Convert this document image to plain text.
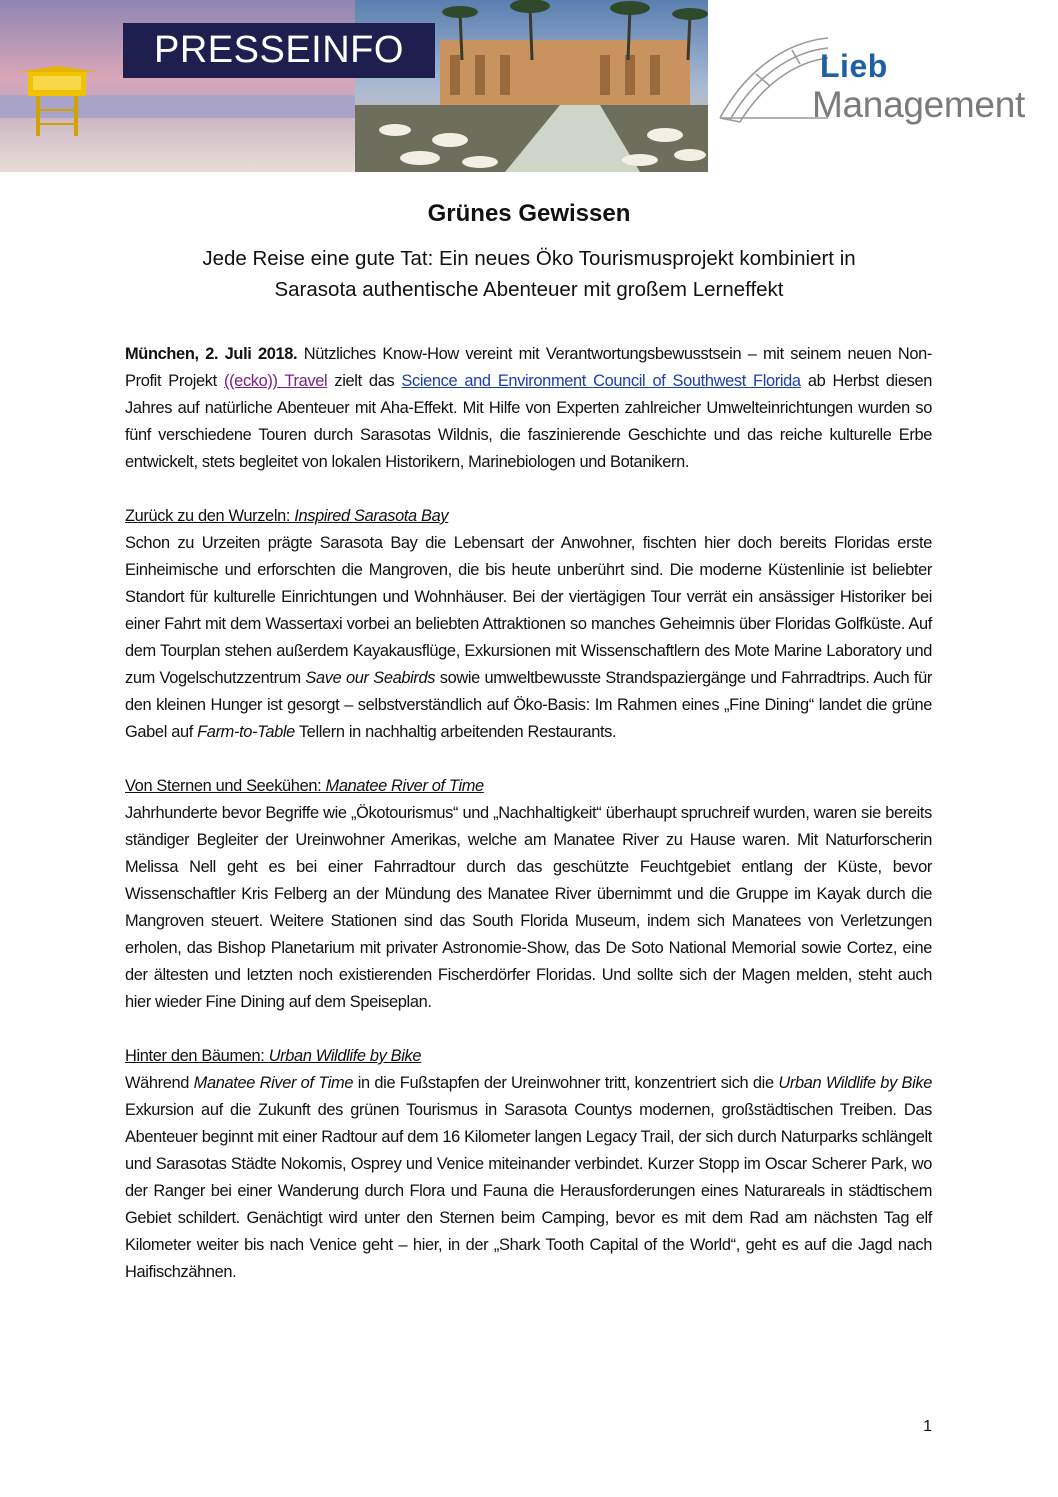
PRESSEINFO	Lieb
Management
Grünes Gewissen
Jede Reise eine gute Tat: Ein neues Öko Tourismusprojekt kombiniert in
Sarasota authentische Abenteuer mit großem Lerneffekt

München, 2. Juli 2018. Nützliches Know-How vereint mit Verantwortungsbewusstsein – mit seinem neuen Non-Profit Projekt ((ecko)) Travel zielt das Science and Environment Council of Southwest Florida ab Herbst diesen Jahres auf natürliche Abenteuer mit Aha-Effekt. Mit Hilfe von Experten zahlreicher Umwelteinrichtungen wurden so fünf verschiedene Touren durch Sarasotas Wildnis, die faszinierende Geschichte und das reiche kulturelle Erbe entwickelt, stets begleitet von lokalen Historikern, Marinebiologen und Botanikern.

Zurück zu den Wurzeln: Inspired Sarasota Bay

Schon zu Urzeiten prägte Sarasota Bay die Lebensart der Anwohner, fischten hier doch bereits Floridas erste Einheimische und erforschten die Mangroven, die bis heute unberührt sind. Die moderne Küstenlinie ist beliebter Standort für kulturelle Einrichtungen und Wohnhäuser. Bei der viertägigen Tour verrät ein ansässiger Historiker bei einer Fahrt mit dem Wassertaxi vorbei an beliebten Attraktionen so manches Geheimnis über Floridas Golfküste. Auf dem Tourplan stehen außerdem Kayakausflüge, Exkursionen mit Wissenschaftlern des Mote Marine Laboratory und zum Vogelschutzzentrum Save our Seabirds sowie umweltbewusste Strandspaziergänge und Fahrradtrips. Auch für den kleinen Hunger ist gesorgt – selbstverständlich auf Öko-Basis: Im Rahmen eines „Fine Dining“ landet die grüne Gabel auf Farm-to-Table Tellern in nachhaltig arbeitenden Restaurants.

Von Sternen und Seekühen: Manatee River of Time

Jahrhunderte bevor Begriffe wie „Ökotourismus“ und „Nachhaltigkeit“ überhaupt spruchreif wurden, waren sie bereits ständiger Begleiter der Ureinwohner Amerikas, welche am Manatee River zu Hause waren. Mit Naturforscherin Melissa Nell geht es bei einer Fahrradtour durch das geschützte Feuchtgebiet entlang der Küste, bevor Wissenschaftler Kris Felberg an der Mündung des Manatee River übernimmt und die Gruppe im Kayak durch die Mangroven steuert. Weitere Stationen sind das South Florida Museum, indem sich Manatees von Verletzungen erholen, das Bishop Planetarium mit privater Astronomie-Show, das De Soto National Memorial sowie Cortez, eine der ältesten und letzten noch existierenden Fischerdörfer Floridas. Und sollte sich der Magen melden, steht auch hier wieder Fine Dining auf dem Speiseplan.

Hinter den Bäumen: Urban Wildlife by Bike

Während Manatee River of Time in die Fußstapfen der Ureinwohner tritt, konzentriert sich die Urban Wildlife by Bike Exkursion auf die Zukunft des grünen Tourismus in Sarasota Countys modernen, großstädtischen Treiben. Das Abenteuer beginnt mit einer Radtour auf dem 16 Kilometer langen Legacy Trail, der sich durch Naturparks schlängelt und Sarasotas Städte Nokomis, Osprey und Venice miteinander verbindet. Kurzer Stopp im Oscar Scherer Park, wo der Ranger bei einer Wanderung durch Flora und Fauna die Herausforderungen eines Naturareals in städtischem Gebiet schildert. Genächtigt wird unter den Sternen beim Camping, bevor es mit dem Rad am nächsten Tag elf Kilometer weiter bis nach Venice geht – hier, in der „Shark Tooth Capital of the World“, geht es auf die Jagd nach Haifischzähnen.

1
